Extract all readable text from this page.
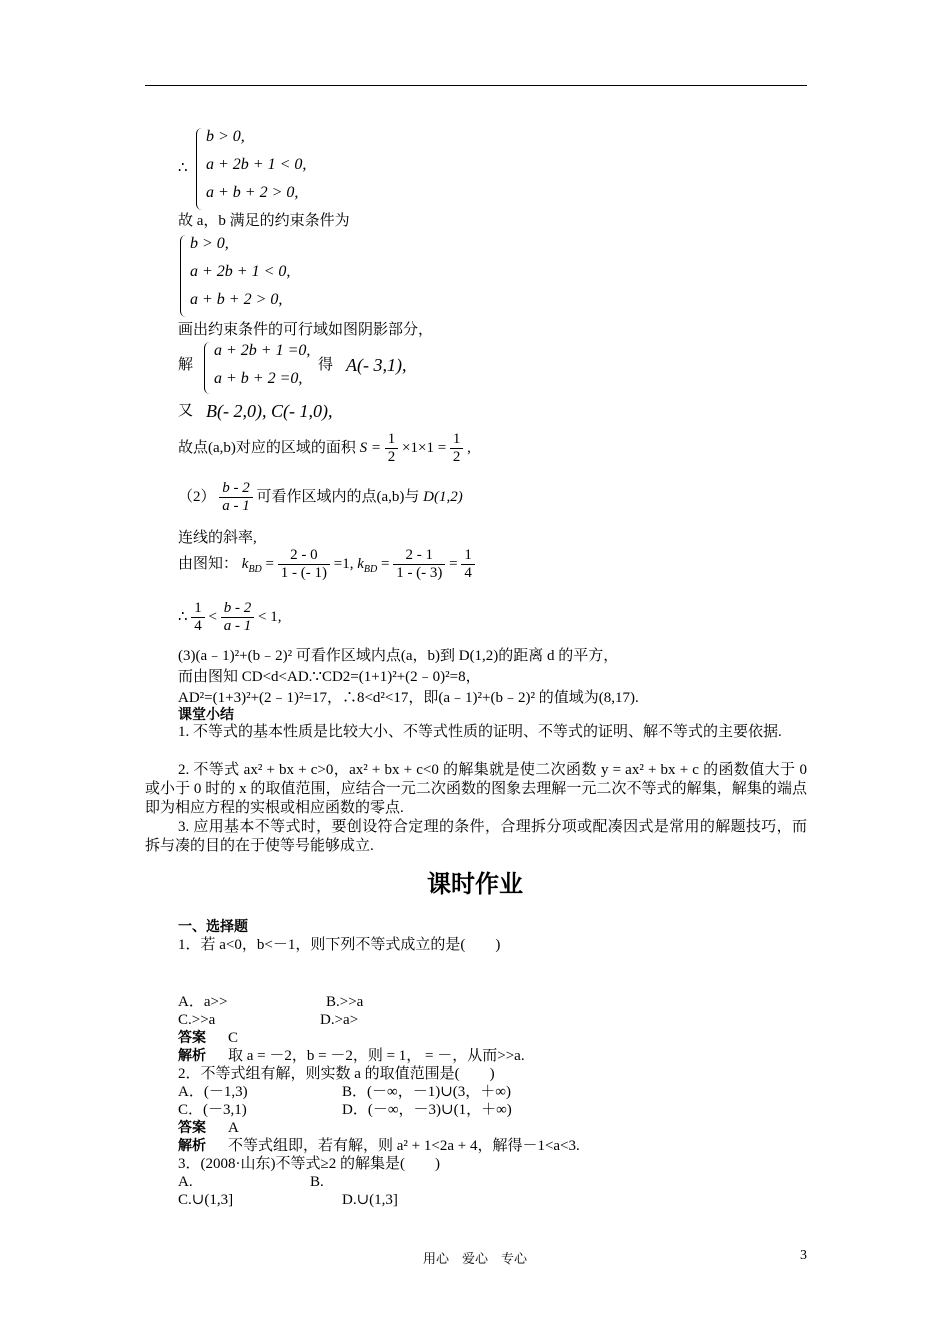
∴
b > 0,
a + 2b + 1 < 0,
a + b + 2 > 0,
故 a，b 满足的约束条件为
b > 0,
a + 2b + 1 < 0,
a + b + 2 > 0,
画出约束条件的可行域如图阴影部分，
解
a + 2b + 1 =0,
a + b + 2 =0,
得 A(- 3,1),
又 B(- 2,0), C(- 1,0),
故点(a,b)对应的区域的面积 $S = \frac{1}{2} \times 1\times 1 = \frac{1}{2}$ ,
$(2) \frac{b - 2}{a - 1}$ 可看作区域内的点(a,b)与 D(1,2)
连线的斜率,
由图知： $k_{BD} = \frac{2 - 0}{1 - (- 1)} =1$, $k_{BD} = \frac{2 - 1}{1 - (- 3)} = \frac{1}{4}$
∴ $\frac{1}{4} < \frac{b - 2}{a - 1} < 1$,
(3)(a﹣1)²+(b﹣2)² 可看作区域内点(a，b)到 D(1,2)的距离 d 的平方，
而由图知 CD<d<AD.∵CD2=(1+1)²+(2﹣0)²=8，
AD²=(1+3)²+(2﹣1)²=17，∴8<d²<17，即(a﹣1)²+(b﹣2)² 的值域为(8,17).
课堂小结
1. 不等式的基本性质是比较大小、不等式性质的证明、不等式的证明、解不等式的主要依据.
2. 不等式 ax² + bx + c>0，ax² + bx + c<0 的解集就是使二次函数 y = ax² + bx + c 的函数值大于 0 或小于 0 时的 x 的取值范围，应结合一元二次函数的图象去理解一元二次不等式的解集，解集的端点即为相应方程的实根或相应函数的零点.
3. 应用基本不等式时，要创设符合定理的条件，合理拆分项或配凑因式是常用的解题技巧，而拆与凑的目的在于使等号能够成立.
课时作业
一、选择题
1．若 a<0，b<－1，则下列不等式成立的是(　　)
A．a>>	B.>>a
C.>>a	D.>a>
答案 C
解析 取 a = －2，b = －2，则 = 1， = －，从而>>a.
2．不等式组有解，则实数 a 的取值范围是(　　)
A．(－1,3)	B．(－∞，－1)∪(3，＋∞)
C．(－3,1)	D．(－∞，－3)∪(1，＋∞)
答案 A
解析 不等式组即，若有解，则 a² + 1<2a + 4，解得－1<a<3.
3．(2008·山东)不等式≥2 的解集是(　　)
A.	B.
C.∪(1,3]	D.∪(1,3]
用心　爱心　专心	3
